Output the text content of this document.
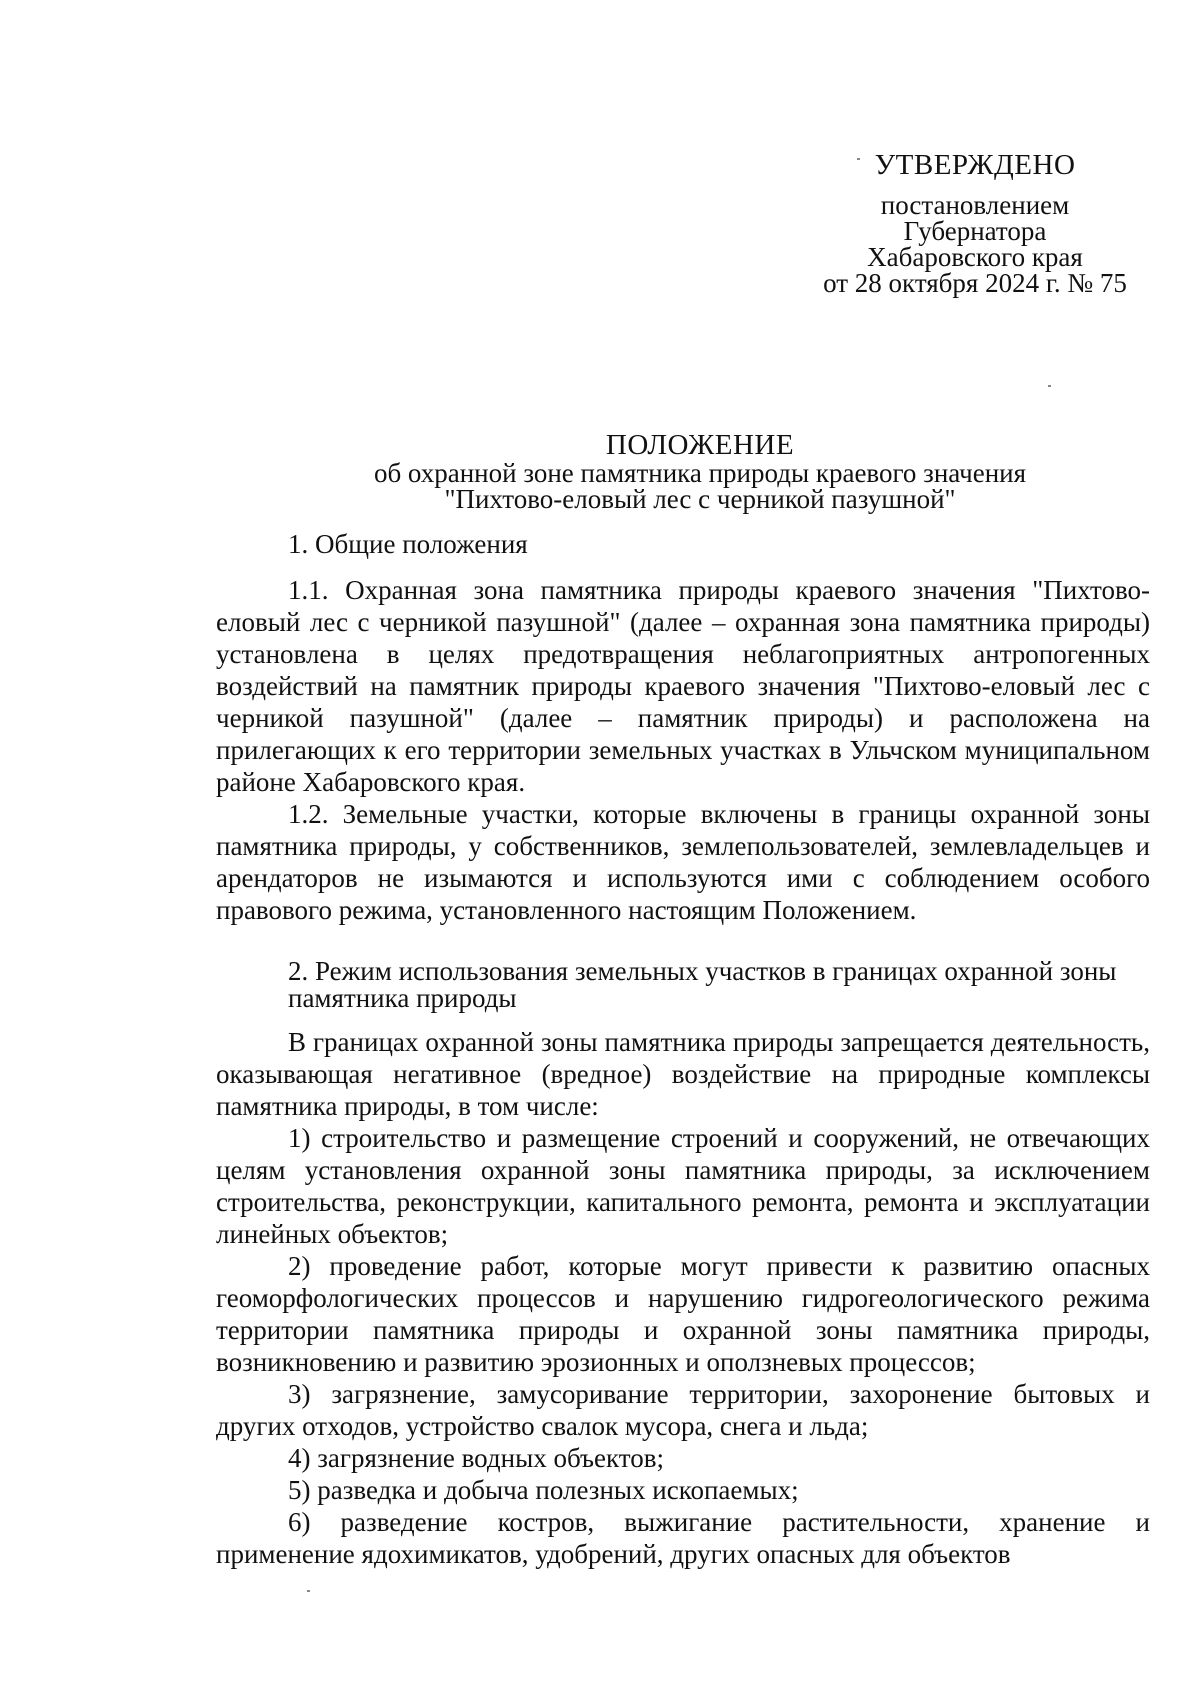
УТВЕРЖДЕНО
постановлением
Губернатора
Хабаровского края
от 28 октября 2024 г. № 75
ПОЛОЖЕНИЕ
об охранной зоне памятника природы краевого значения
"Пихтово-еловый лес с черникой пазушной"

1. Общие положения

1.1. Охранная зона памятника природы краевого значения "Пихтово-еловый лес с черникой пазушной" (далее – охранная зона памятника природы) установлена в целях предотвращения неблагоприятных антропогенных воздействий на памятник природы краевого значения "Пихтово-еловый лес с черникой пазушной" (далее – памятник природы) и расположена на прилегающих к его территории земельных участках в Ульчском муниципальном районе Хабаровского края.

1.2. Земельные участки, которые включены в границы охранной зоны памятника природы, у собственников, землепользователей, землевладельцев и арендаторов не изымаются и используются ими с соблюдением особого правового режима, установленного настоящим Положением.

2. Режим использования земельных участков в границах охранной зоны памятника природы

В границах охранной зоны памятника природы запрещается деятельность, оказывающая негативное (вредное) воздействие на природные комплексы памятника природы, в том числе:

1) строительство и размещение строений и сооружений, не отвечающих целям установления охранной зоны памятника природы, за исключением строительства, реконструкции, капитального ремонта, ремонта и эксплуатации линейных объектов;

2) проведение работ, которые могут привести к развитию опасных геоморфологических процессов и нарушению гидрогеологического режима территории памятника природы и охранной зоны памятника природы, возникновению и развитию эрозионных и оползневых процессов;

3) загрязнение, замусоривание территории, захоронение бытовых и других отходов, устройство свалок мусора, снега и льда;

4) загрязнение водных объектов;

5) разведка и добыча полезных ископаемых;

6) разведение костров, выжигание растительности, хранение и применение ядохимикатов, удобрений, других опасных для объектов
